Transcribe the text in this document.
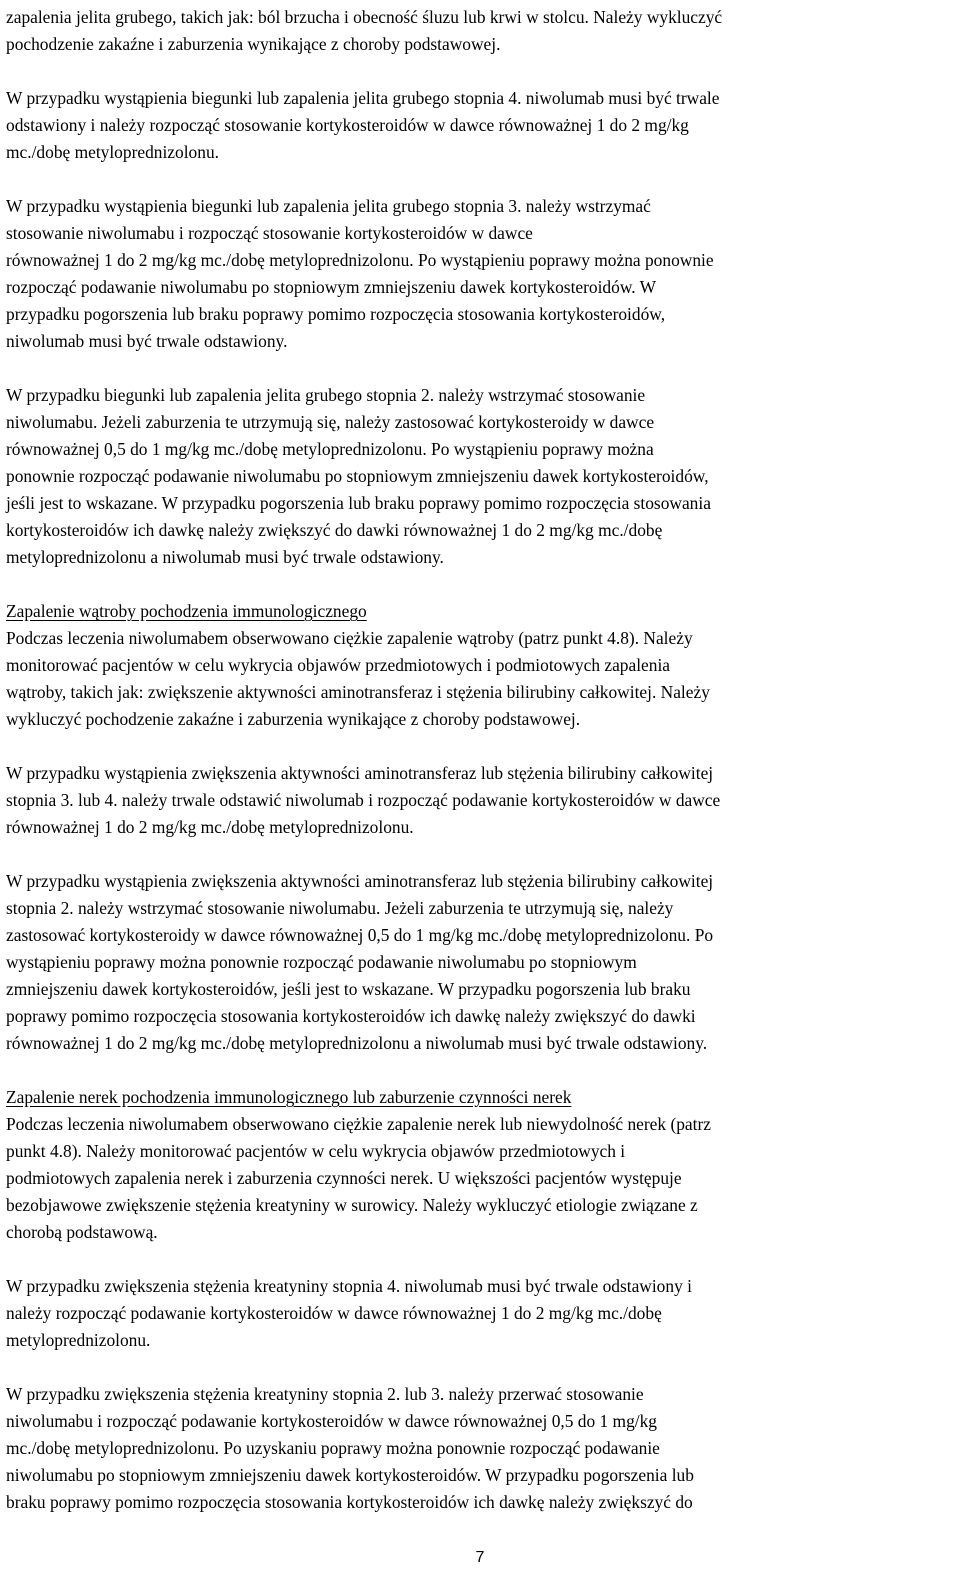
zapalenia jelita grubego, takich jak: ból brzucha i obecność śluzu lub krwi w stolcu. Należy wykluczyć
pochodzenie zakaźne i zaburzenia wynikające z choroby podstawowej.
W przypadku wystąpienia biegunki lub zapalenia jelita grubego stopnia 4. niwolumab musi być trwale
odstawiony i należy rozpocząć stosowanie kortykosteroidów w dawce równoważnej 1 do 2 mg/kg
mc./dobę metyloprednizolonu.
W przypadku wystąpienia biegunki lub zapalenia jelita grubego stopnia 3. należy wstrzymać
stosowanie niwolumabu i rozpocząć stosowanie kortykosteroidów w dawce
równoważnej 1 do 2 mg/kg mc./dobę metyloprednizolonu. Po wystąpieniu poprawy można ponownie
rozpocząć podawanie niwolumabu po stopniowym zmniejszeniu dawek kortykosteroidów. W
przypadku pogorszenia lub braku poprawy pomimo rozpoczęcia stosowania kortykosteroidów,
niwolumab musi być trwale odstawiony.
W przypadku biegunki lub zapalenia jelita grubego stopnia 2. należy wstrzymać stosowanie
niwolumabu. Jeżeli zaburzenia te utrzymują się, należy zastosować kortykosteroidy w dawce
równoważnej 0,5 do 1 mg/kg mc./dobę metyloprednizolonu. Po wystąpieniu poprawy można
ponownie rozpocząć podawanie niwolumabu po stopniowym zmniejszeniu dawek kortykosteroidów,
jeśli jest to wskazane. W przypadku pogorszenia lub braku poprawy pomimo rozpoczęcia stosowania
kortykosteroidów ich dawkę należy zwiększyć do dawki równoważnej 1 do 2 mg/kg mc./dobę
metyloprednizolonu a niwolumab musi być trwale odstawiony.
Zapalenie wątroby pochodzenia immunologicznego
Podczas leczenia niwolumabem obserwowano ciężkie zapalenie wątroby (patrz punkt 4.8). Należy
monitorować pacjentów w celu wykrycia objawów przedmiotowych i podmiotowych zapalenia
wątroby, takich jak: zwiększenie aktywności aminotransferaz i stężenia bilirubiny całkowitej. Należy
wykluczyć pochodzenie zakaźne i zaburzenia wynikające z choroby podstawowej.
W przypadku wystąpienia zwiększenia aktywności aminotransferaz lub stężenia bilirubiny całkowitej
stopnia 3. lub 4. należy trwale odstawić niwolumab i rozpocząć podawanie kortykosteroidów w dawce
równoważnej 1 do 2 mg/kg mc./dobę metyloprednizolonu.
W przypadku wystąpienia zwiększenia aktywności aminotransferaz lub stężenia bilirubiny całkowitej
stopnia 2. należy wstrzymać stosowanie niwolumabu. Jeżeli zaburzenia te utrzymują się, należy
zastosować kortykosteroidy w dawce równoważnej 0,5 do 1 mg/kg mc./dobę metyloprednizolonu. Po
wystąpieniu poprawy można ponownie rozpocząć podawanie niwolumabu po stopniowym
zmniejszeniu dawek kortykosteroidów, jeśli jest to wskazane. W przypadku pogorszenia lub braku
poprawy pomimo rozpoczęcia stosowania kortykosteroidów ich dawkę należy zwiększyć do dawki
równoważnej 1 do 2 mg/kg mc./dobę metyloprednizolonu a niwolumab musi być trwale odstawiony.
Zapalenie nerek pochodzenia immunologicznego lub zaburzenie czynności nerek
Podczas leczenia niwolumabem obserwowano ciężkie zapalenie nerek lub niewydolność nerek (patrz
punkt 4.8). Należy monitorować pacjentów w celu wykrycia objawów przedmiotowych i
podmiotowych zapalenia nerek i zaburzenia czynności nerek. U większości pacjentów występuje
bezobjawowe zwiększenie stężenia kreatyniny w surowicy. Należy wykluczyć etiologie związane z
chorobą podstawową.
W przypadku zwiększenia stężenia kreatyniny stopnia 4. niwolumab musi być trwale odstawiony i
należy rozpocząć podawanie kortykosteroidów w dawce równoważnej 1 do 2 mg/kg mc./dobę
metyloprednizolonu.
W przypadku zwiększenia stężenia kreatyniny stopnia 2. lub 3. należy przerwać stosowanie
niwolumabu i rozpocząć podawanie kortykosteroidów w dawce równoważnej 0,5 do 1 mg/kg
mc./dobę metyloprednizolonu. Po uzyskaniu poprawy można ponownie rozpocząć podawanie
niwolumabu po stopniowym zmniejszeniu dawek kortykosteroidów. W przypadku pogorszenia lub
braku poprawy pomimo rozpoczęcia stosowania kortykosteroidów ich dawkę należy zwiększyć do
7
